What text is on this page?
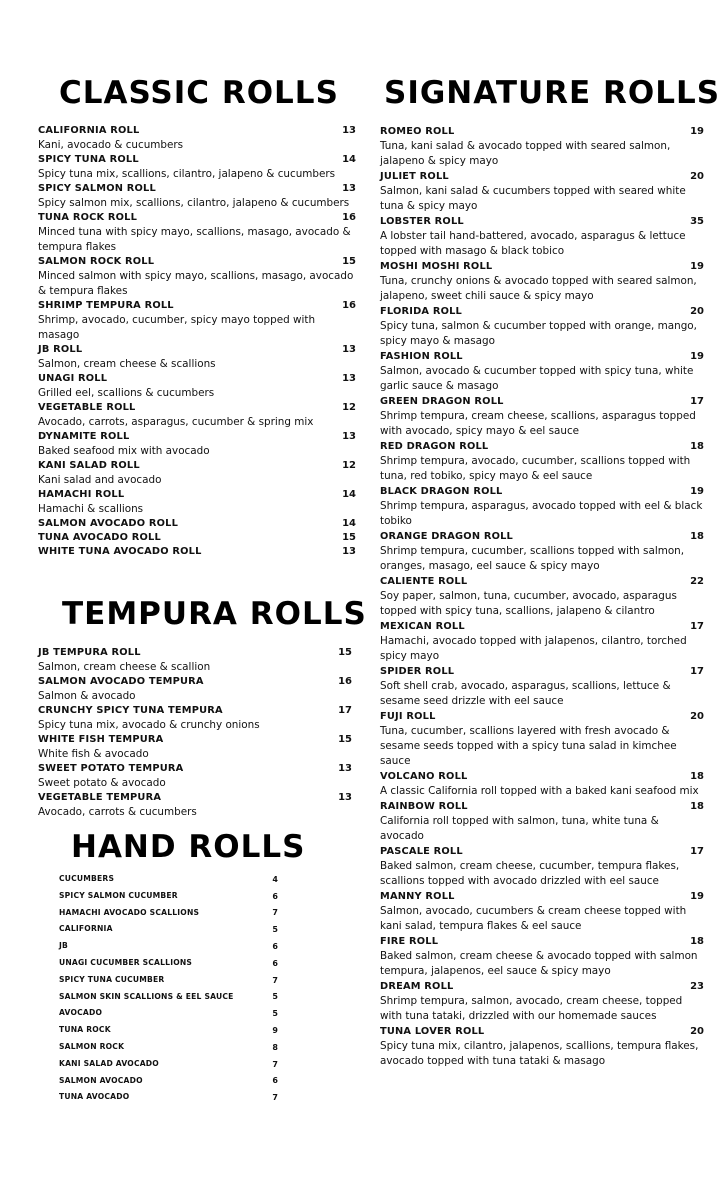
CLASSIC ROLLS
CALIFORNIA ROLL	13
Kani, avocado & cucumbers
SPICY TUNA ROLL	14
Spicy tuna mix, scallions, cilantro, jalapeno & cucumbers
SPICY SALMON ROLL	13
Spicy salmon mix, scallions, cilantro, jalapeno & cucumbers
TUNA ROCK ROLL	16
Minced tuna with spicy mayo, scallions, masago, avocado & tempura flakes
SALMON ROCK ROLL	15
Minced salmon with spicy mayo, scallions, masago, avocado & tempura flakes
SHRIMP TEMPURA ROLL	16
Shrimp, avocado, cucumber, spicy mayo topped with masago
JB ROLL	13
Salmon, cream cheese & scallions
UNAGI ROLL	13
Grilled eel, scallions & cucumbers
VEGETABLE ROLL	12
Avocado, carrots, asparagus, cucumber & spring mix
DYNAMITE ROLL	13
Baked seafood mix with avocado
KANI SALAD ROLL	12
Kani salad and avocado
HAMACHI ROLL	14
Hamachi & scallions
SALMON AVOCADO ROLL	14
TUNA AVOCADO ROLL	15
WHITE TUNA AVOCADO ROLL	13
TEMPURA ROLLS
JB TEMPURA ROLL	15
Salmon, cream cheese & scallion
SALMON AVOCADO TEMPURA	16
Salmon & avocado
CRUNCHY SPICY TUNA TEMPURA	17
Spicy tuna mix, avocado & crunchy onions
WHITE FISH TEMPURA	15
White fish & avocado
SWEET POTATO TEMPURA	13
Sweet potato & avocado
VEGETABLE TEMPURA	13
Avocado, carrots & cucumbers
HAND ROLLS
CUCUMBERS	4
SPICY SALMON CUCUMBER	6
HAMACHI AVOCADO SCALLIONS	7
CALIFORNIA	5
JB	6
UNAGI CUCUMBER SCALLIONS	6
SPICY TUNA CUCUMBER	7
SALMON SKIN SCALLIONS & EEL SAUCE	5
AVOCADO	5
TUNA ROCK	9
SALMON ROCK	8
KANI SALAD AVOCADO	7
SALMON AVOCADO	6
TUNA AVOCADO	7
SIGNATURE ROLLS
ROMEO ROLL	19
Tuna, kani salad & avocado topped with seared salmon, jalapeno & spicy mayo
JULIET ROLL	20
Salmon, kani salad & cucumbers topped with seared white tuna & spicy mayo
LOBSTER ROLL	35
A lobster tail hand-battered, avocado, asparagus & lettuce topped with masago & black tobico
MOSHI MOSHI ROLL	19
Tuna, crunchy onions & avocado topped with seared salmon, jalapeno, sweet chili sauce & spicy mayo
FLORIDA ROLL	20
Spicy tuna, salmon & cucumber topped with orange, mango, spicy mayo & masago
FASHION ROLL	19
Salmon, avocado & cucumber topped with spicy tuna, white garlic sauce & masago
GREEN DRAGON ROLL	17
Shrimp tempura, cream cheese, scallions, asparagus topped with avocado, spicy mayo & eel sauce
RED DRAGON ROLL	18
Shrimp tempura, avocado, cucumber, scallions topped with tuna, red tobiko, spicy mayo & eel sauce
BLACK DRAGON ROLL	19
Shrimp tempura, asparagus, avocado topped with eel & black tobiko
ORANGE DRAGON ROLL	18
Shrimp tempura, cucumber, scallions topped with salmon, oranges, masago, eel sauce & spicy mayo
CALIENTE ROLL	22
Soy paper, salmon, tuna, cucumber, avocado, asparagus topped with spicy tuna, scallions, jalapeno & cilantro
MEXICAN ROLL	17
Hamachi, avocado topped with jalapenos, cilantro, torched spicy mayo
SPIDER ROLL	17
Soft shell crab, avocado, asparagus, scallions, lettuce & sesame seed drizzle with eel sauce
FUJI ROLL	20
Tuna, cucumber, scallions layered with fresh avocado & sesame seeds topped with a spicy tuna salad in kimchee sauce
VOLCANO ROLL	18
A classic California roll topped with a baked kani seafood mix
RAINBOW ROLL	18
California roll topped with salmon, tuna, white tuna & avocado
PASCALE ROLL	17
Baked salmon, cream cheese, cucumber, tempura flakes, scallions topped with avocado drizzled with eel sauce
MANNY ROLL	19
Salmon, avocado, cucumbers & cream cheese topped with kani salad, tempura flakes & eel sauce
FIRE ROLL	18
Baked salmon, cream cheese & avocado topped with salmon tempura, jalapenos, eel sauce & spicy mayo
DREAM ROLL	23
Shrimp tempura, salmon, avocado, cream cheese, topped with tuna tataki, drizzled with our homemade sauces
TUNA LOVER ROLL	20
Spicy tuna mix, cilantro, jalapenos, scallions, tempura flakes, avocado topped with tuna tataki & masago
